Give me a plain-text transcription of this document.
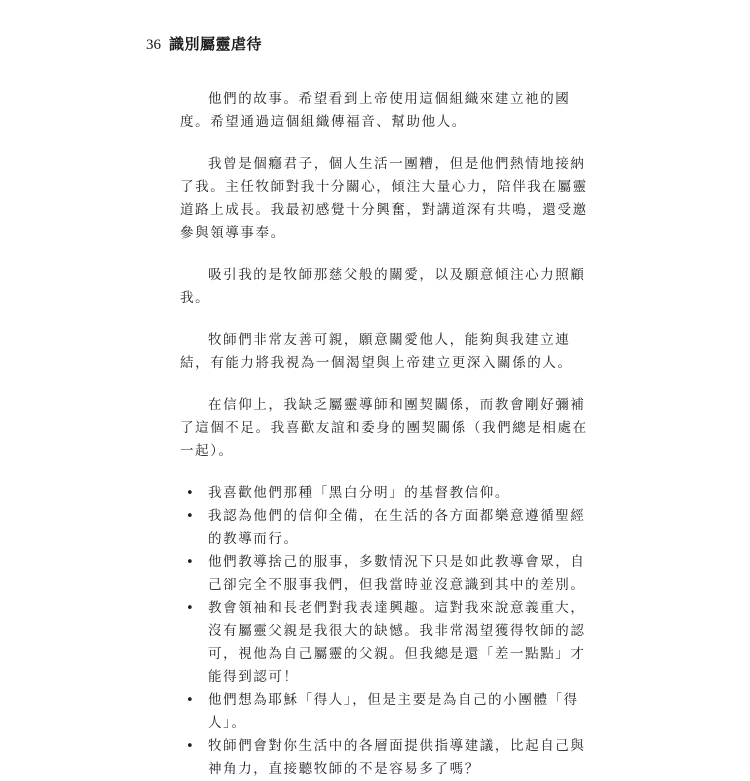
36 識別屬靈虐待

他們的故事。希望看到上帝使用這個組織來建立祂的國度。希望通過這個組織傳福音、幫助他人。

我曾是個癮君子，個人生活一團糟，但是他們熱情地接納了我。主任牧師對我十分關心，傾注大量心力，陪伴我在屬靈道路上成長。我最初感覺十分興奮，對講道深有共鳴，還受邀參與領導事奉。

吸引我的是牧師那慈父般的關愛，以及願意傾注心力照顧我。

牧師們非常友善可親，願意關愛他人，能夠與我建立連結，有能力將我視為一個渴望與上帝建立更深入關係的人。

在信仰上，我缺乏屬靈導師和團契關係，而教會剛好彌補了這個不足。我喜歡友誼和委身的團契關係（我們總是相處在一起）。

• 我喜歡他們那種「黑白分明」的基督教信仰。
• 我認為他們的信仰全備，在生活的各方面都樂意遵循聖經的教導而行。
• 他們教導捨己的服事，多數情況下只是如此教導會眾，自己卻完全不服事我們，但我當時並沒意識到其中的差別。
• 教會領袖和長老們對我表達興趣。這對我來說意義重大，沒有屬靈父親是我很大的缺憾。我非常渴望獲得牧師的認可，視他為自己屬靈的父親。但我總是還「差一點點」才能得到認可！
• 他們想為耶穌「得人」，但是主要是為自己的小團體「得人」。
• 牧師們會對你生活中的各層面提供指導建議，比起自己與神角力，直接聽牧師的不是容易多了嗎？
